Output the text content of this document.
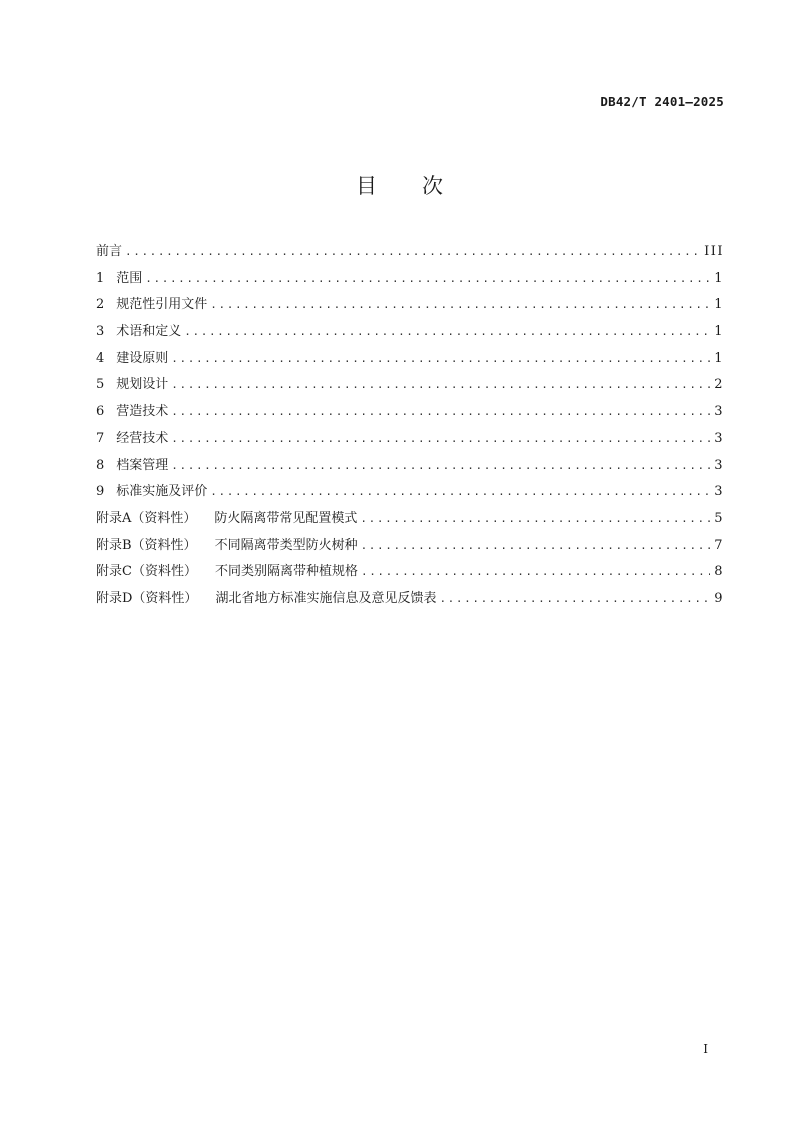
DB42/T 2401—2025
目 次
前言 .....	III
1 范围 .....	1
2 规范性引用文件 .....	1
3 术语和定义 .....	1
4 建设原则 .....	1
5 规划设计 .....	2
6 营造技术 .....	3
7 经营技术 .....	3
8 档案管理 .....	3
9 标准实施及评价 .....	3
附录A（资料性） 防火隔离带常见配置模式 .....	5
附录B（资料性） 不同隔离带类型防火树种 .....	7
附录C（资料性） 不同类别隔离带种植规格 .....	8
附录D（资料性） 湖北省地方标准实施信息及意见反馈表 .....	9
I
